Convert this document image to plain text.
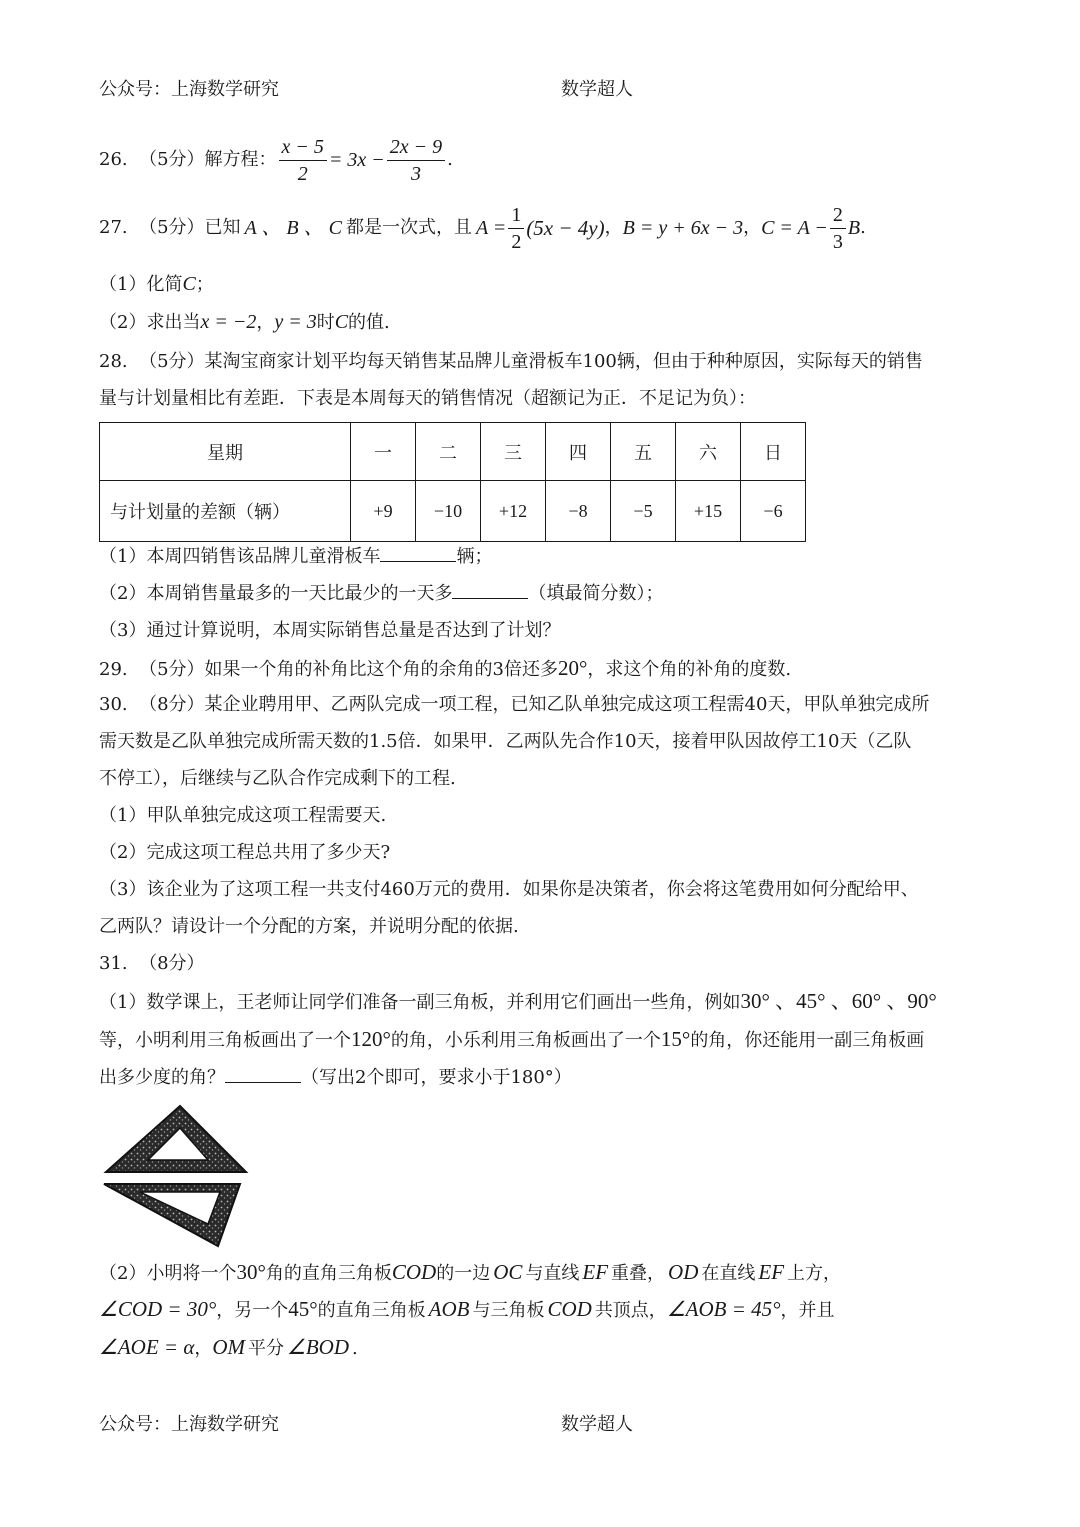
公众号：上海数学研究	数学超人
26.  （5分）解方程： $\frac{x - 5}{2} = 3x - \frac{2x - 9}{3}$ .
27.  （5分）已知 A 、 B 、 C 都是一次式，且 $A = \frac{1}{2} (5x - 4y)$ ， B = y + 6x − 3 ， $C = A - \frac{2}{3}$ B .
（1）化简C；
（2）求出当x = −2，y = 3时C的值.
28.  （5分）某淘宝商家计划平均每天销售某品牌儿童滑板车100辆，但由于种种原因，实际每天的销售
量与计划量相比有差距．下表是本周每天的销售情况（超额记为正．不足记为负）：
星期	一	二	三	四	五	六	日
与计划量的差额（辆）	+9	−10	+12	−8	−5	+15	−6
（1）本周四销售该品牌儿童滑板车	辆；
（2）本周销售量最多的一天比最少的一天多	（填最简分数）；
（3）通过计算说明，本周实际销售总量是否达到了计划？
29.  （5分）如果一个角的补角比这个角的余角的3倍还多20°，求这个角的补角的度数.
30.  （8分）某企业聘用甲、乙两队完成一项工程，已知乙队单独完成这项工程需40天，甲队单独完成所
需天数是乙队单独完成所需天数的1.5倍．如果甲．乙两队先合作10天，接着甲队因故停工10天（乙队
不停工），后继续与乙队合作完成剩下的工程.
（1）甲队单独完成这项工程需要天.
（2）完成这项工程总共用了多少天?
（3）该企业为了这项工程一共支付460万元的费用．如果你是决策者，你会将这笔费用如何分配给甲、
乙两队？请设计一个分配的方案，并说明分配的依据.
31.  （8分）
（1）数学课上，王老师让同学们准备一副三角板，并利用它们画出一些角，例如30° 、45° 、60° 、90°
等，小明利用三角板画出了一个120°的角，小乐利用三角板画出了一个15°的角，你还能用一副三角板画
出多少度的角？	（写出2个即可，要求小于180°）
（2）小明将一个30°角的直角三角板COD的一边 OC 与直线 EF 重叠， OD 在直线 EF 上方，
∠COD = 30°，另一个45°的直角三角板 AOB 与三角板 COD 共顶点，∠AOB = 45°，并且
∠AOE = α，OM 平分 ∠BOD .
公众号：上海数学研究	数学超人
